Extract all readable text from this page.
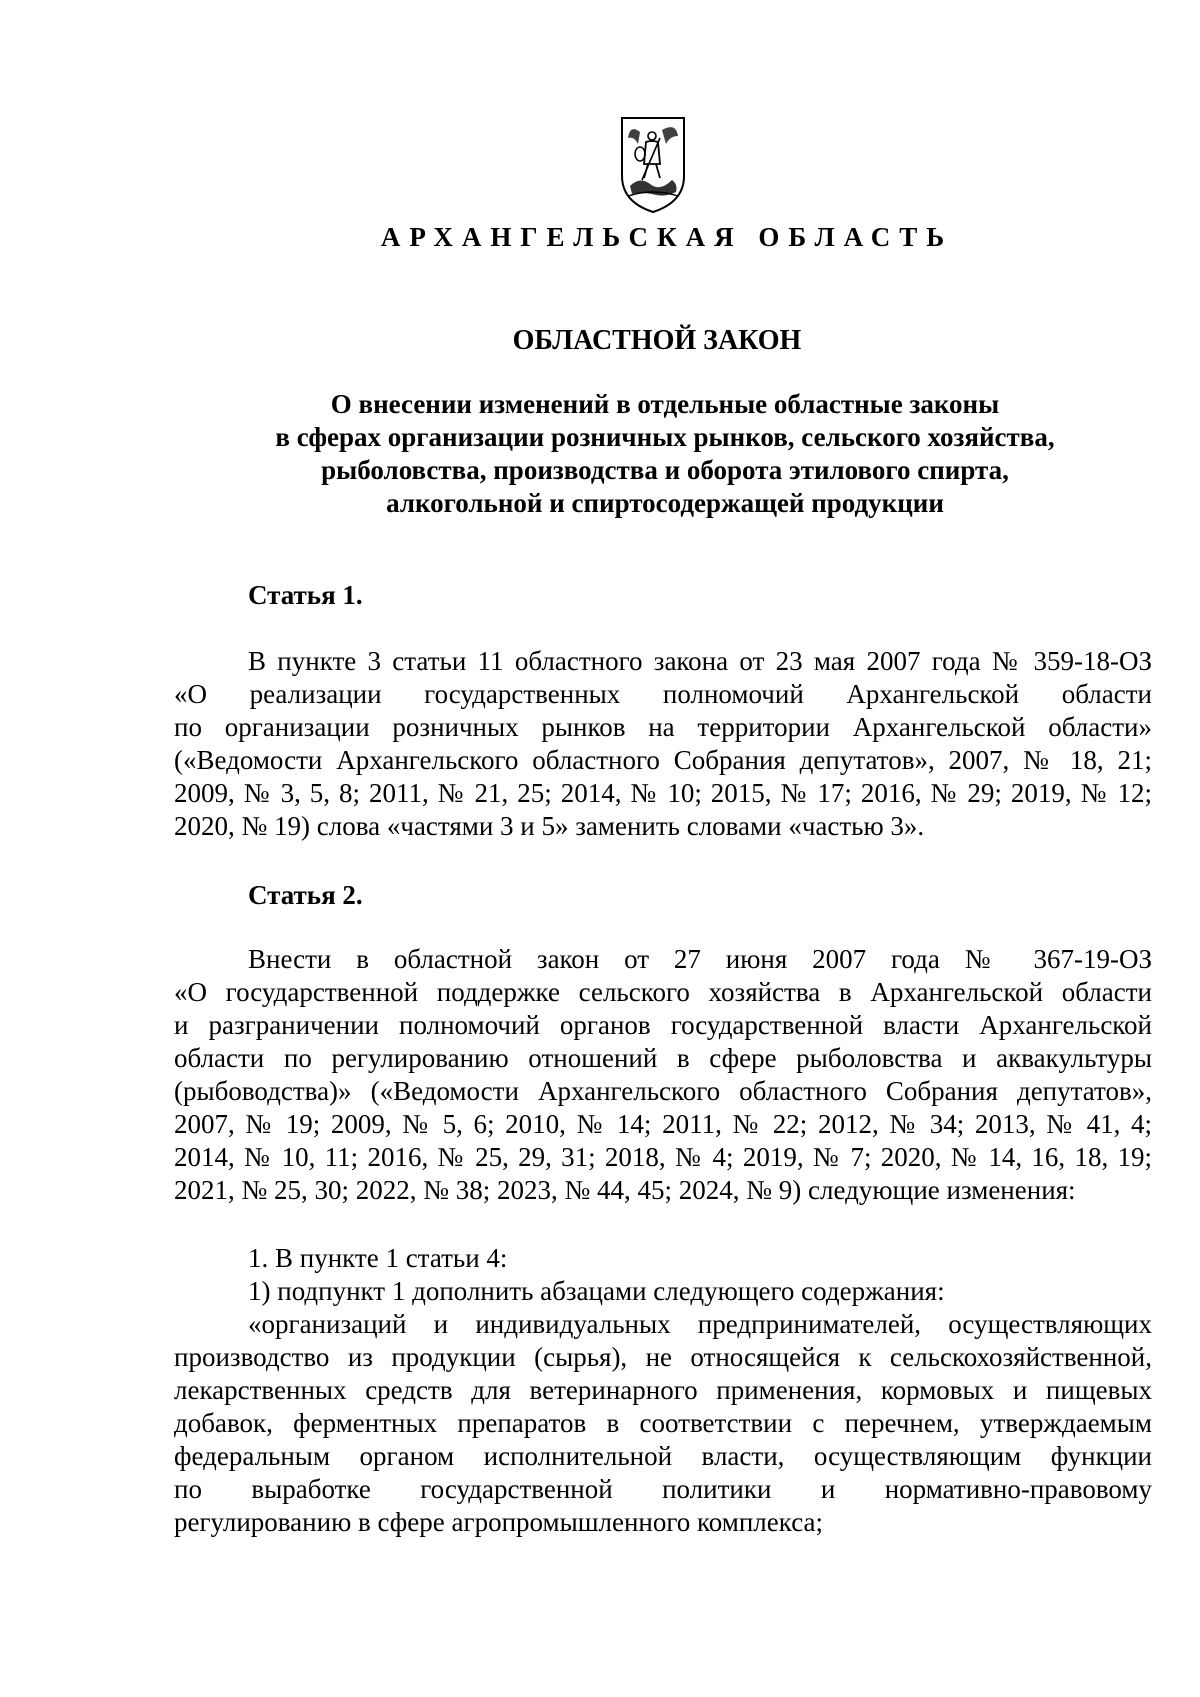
АРХАНГЕЛЬСКАЯ ОБЛАСТЬ
ОБЛАСТНОЙ ЗАКОН
О внесении изменений в отдельные областные законы
в сферах организации розничных рынков, сельского хозяйства,
рыболовства, производства и оборота этилового спирта,
алкогольной и спиртосодержащей продукции
Статья 1.
В пункте 3 статьи 11 областного закона от 23 мая 2007 года № 359-18-ОЗ
«О реализации государственных полномочий Архангельской области
по организации розничных рынков на территории Архангельской области»
(«Ведомости Архангельского областного Собрания депутатов», 2007, № 18, 21;
2009, № 3, 5, 8; 2011, № 21, 25; 2014, № 10; 2015, № 17; 2016, № 29; 2019, № 12;
2020, № 19) слова «частями 3 и 5» заменить словами «частью 3».
Статья 2.
Внести в областной закон от 27 июня 2007 года № 367-19-ОЗ
«О государственной поддержке сельского хозяйства в Архангельской области
и разграничении полномочий органов государственной власти Архангельской
области по регулированию отношений в сфере рыболовства и аквакультуры
(рыбоводства)» («Ведомости Архангельского областного Собрания депутатов»,
2007, № 19; 2009, № 5, 6; 2010, № 14; 2011, № 22; 2012, № 34; 2013, № 41, 4;
2014, № 10, 11; 2016, № 25, 29, 31; 2018, № 4; 2019, № 7; 2020, № 14, 16, 18, 19;
2021, № 25, 30; 2022, № 38; 2023, № 44, 45; 2024, № 9) следующие изменения:
1. В пункте 1 статьи 4:
1) подпункт 1 дополнить абзацами следующего содержания:
«организаций и индивидуальных предпринимателей, осуществляющих
производство из продукции (сырья), не относящейся к сельскохозяйственной,
лекарственных средств для ветеринарного применения, кормовых и пищевых
добавок, ферментных препаратов в соответствии с перечнем, утверждаемым
федеральным органом исполнительной власти, осуществляющим функции
по выработке государственной политики и нормативно-правовому
регулированию в сфере агропромышленного комплекса;
